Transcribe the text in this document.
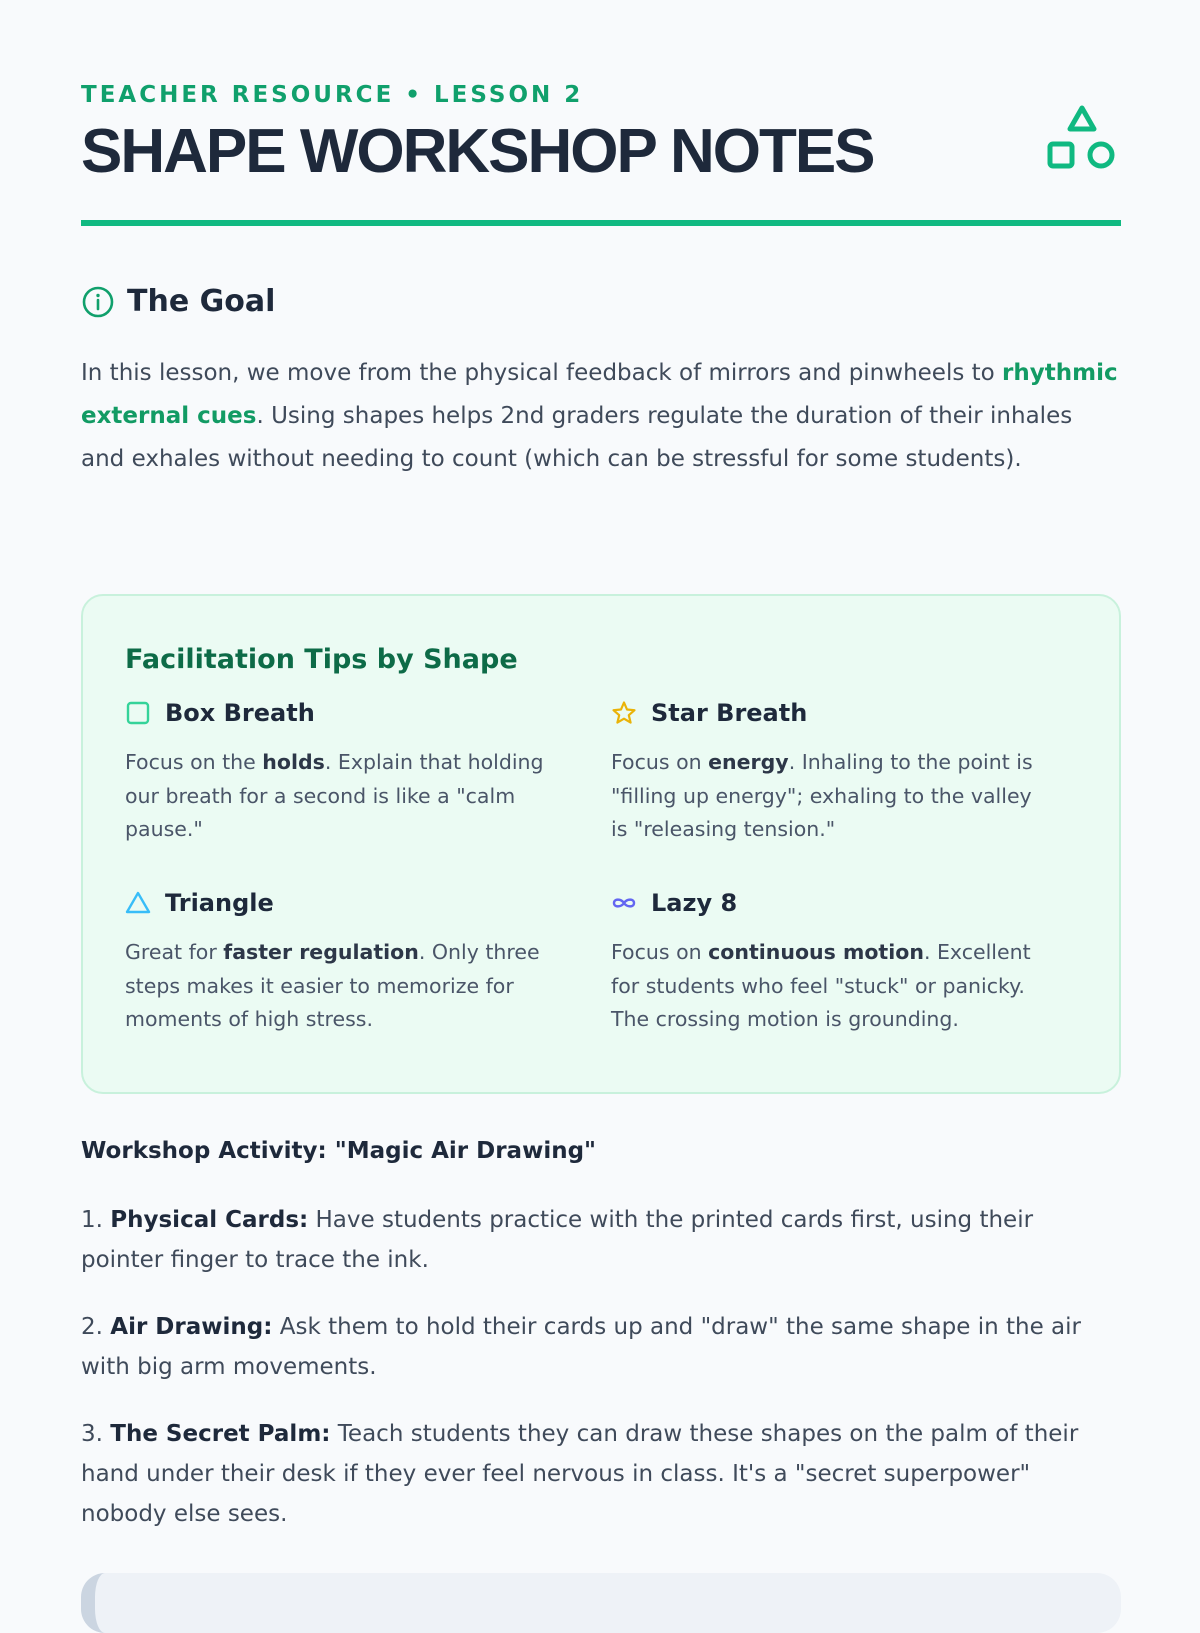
TEACHER RESOURCE • LESSON 2
SHAPE WORKSHOP NOTES
The Goal

In this lesson, we move from the physical feedback of mirrors and pinwheels to rhythmic external cues. Using shapes helps 2nd graders regulate the duration of their inhales and exhales without needing to count (which can be stressful for some students).

Facilitation Tips by Shape
Box Breath

Focus on the holds. Explain that holding our breath for a second is like a "calm pause."

Star Breath

Focus on energy. Inhaling to the point is "filling up energy"; exhaling to the valley is "releasing tension."

Triangle

Great for faster regulation. Only three steps makes it easier to memorize for moments of high stress.

Lazy 8

Focus on continuous motion. Excellent for students who feel "stuck" or panicky. The crossing motion is grounding.

Workshop Activity: "Magic Air Drawing"

1. Physical Cards: Have students practice with the printed cards first, using their pointer finger to trace the ink.

2. Air Drawing: Ask them to hold their cards up and "draw" the same shape in the air with big arm movements.

3. The Secret Palm: Teach students they can draw these shapes on the palm of their hand under their desk if they ever feel nervous in class. It's a "secret superpower" nobody else sees.
